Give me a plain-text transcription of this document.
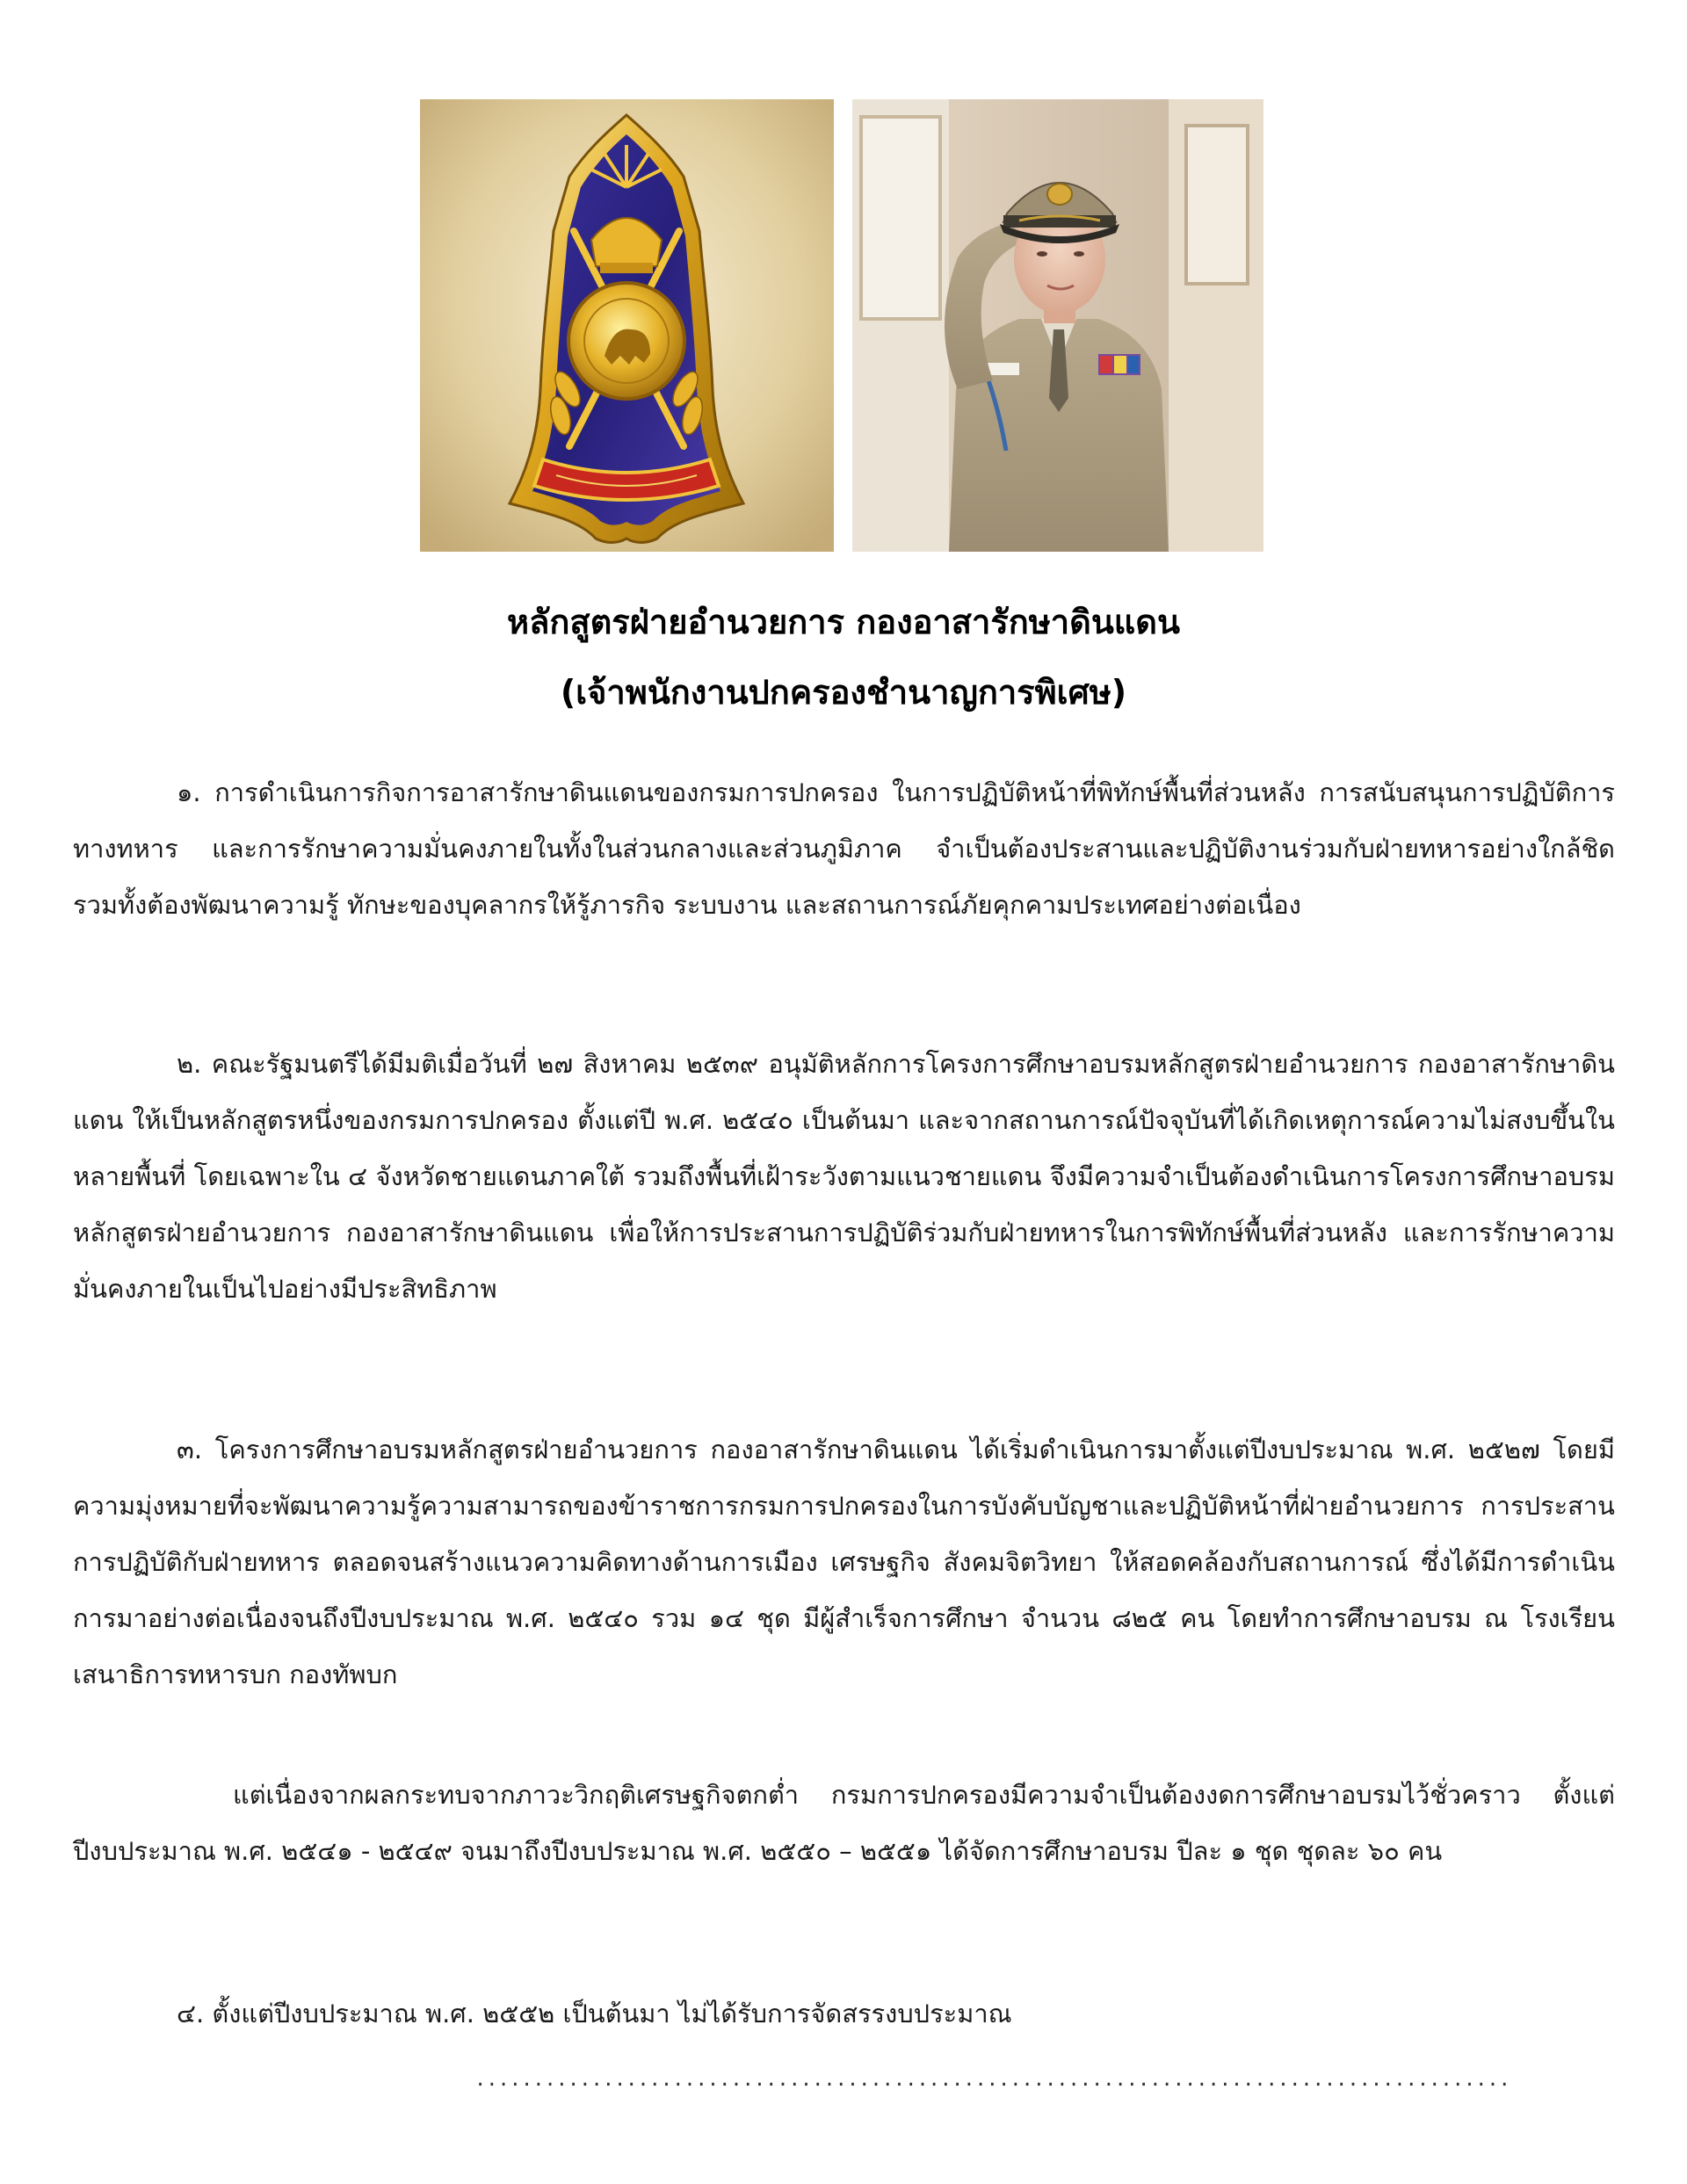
หลักสูตรฝ่ายอำนวยการ กองอาสารักษาดินแดน
(เจ้าพนักงานปกครองชำนาญการพิเศษ)

๑. การดำเนินการกิจการอาสารักษาดินแดนของกรมการปกครอง ในการปฏิบัติหน้าที่พิทักษ์พื้นที่ส่วนหลัง การสนับสนุนการปฏิบัติการทางทหาร และการรักษาความมั่นคงภายในทั้งในส่วนกลางและส่วนภูมิภาค จำเป็นต้องประสานและปฏิบัติงานร่วมกับฝ่ายทหารอย่างใกล้ชิด รวมทั้งต้องพัฒนาความรู้ ทักษะของบุคลากรให้รู้ภารกิจ ระบบงาน และสถานการณ์ภัยคุกคามประเทศอย่างต่อเนื่อง

๒. คณะรัฐมนตรีได้มีมติเมื่อวันที่ ๒๗ สิงหาคม ๒๕๓๙ อนุมัติหลักการโครงการศึกษาอบรมหลักสูตรฝ่ายอำนวยการ กองอาสารักษาดินแดน ให้เป็นหลักสูตรหนึ่งของกรมการปกครอง ตั้งแต่ปี พ.ศ. ๒๕๔๐ เป็นต้นมา และจากสถานการณ์ปัจจุบันที่ได้เกิดเหตุการณ์ความไม่สงบขึ้นในหลายพื้นที่ โดยเฉพาะใน ๔ จังหวัดชายแดนภาคใต้ รวมถึงพื้นที่เฝ้าระวังตามแนวชายแดน จึงมีความจำเป็นต้องดำเนินการโครงการศึกษาอบรมหลักสูตรฝ่ายอำนวยการ กองอาสารักษาดินแดน เพื่อให้การประสานการปฏิบัติร่วมกับฝ่ายทหารในการพิทักษ์พื้นที่ส่วนหลัง และการรักษาความมั่นคงภายในเป็นไปอย่างมีประสิทธิภาพ

๓. โครงการศึกษาอบรมหลักสูตรฝ่ายอำนวยการ กองอาสารักษาดินแดน ได้เริ่มดำเนินการมาตั้งแต่ปีงบประมาณ พ.ศ. ๒๕๒๗ โดยมีความมุ่งหมายที่จะพัฒนาความรู้ความสามารถของข้าราชการกรมการปกครองในการบังคับบัญชาและปฏิบัติหน้าที่ฝ่ายอำนวยการ การประสานการปฏิบัติกับฝ่ายทหาร ตลอดจนสร้างแนวความคิดทางด้านการเมือง เศรษฐกิจ สังคมจิตวิทยา ให้สอดคล้องกับสถานการณ์ ซึ่งได้มีการดำเนินการมาอย่างต่อเนื่องจนถึงปีงบประมาณ พ.ศ. ๒๕๔๐ รวม ๑๔ ชุด มีผู้สำเร็จการศึกษา จำนวน ๘๒๕ คน โดยทำการศึกษาอบรม ณ โรงเรียนเสนาธิการทหารบก กองทัพบก

แต่เนื่องจากผลกระทบจากภาวะวิกฤติเศรษฐกิจตกต่ำ กรมการปกครองมีความจำเป็นต้องงดการศึกษาอบรมไว้ชั่วคราว ตั้งแต่ปีงบประมาณ พ.ศ. ๒๕๔๑ - ๒๕๔๙ จนมาถึงปีงบประมาณ พ.ศ. ๒๕๕๐ – ๒๕๕๑ ได้จัดการศึกษาอบรม ปีละ ๑ ชุด ชุดละ ๖๐ คน

๔. ตั้งแต่ปีงบประมาณ พ.ศ. ๒๕๕๒ เป็นต้นมา ไม่ได้รับการจัดสรรงบประมาณ

.........................................................................................
